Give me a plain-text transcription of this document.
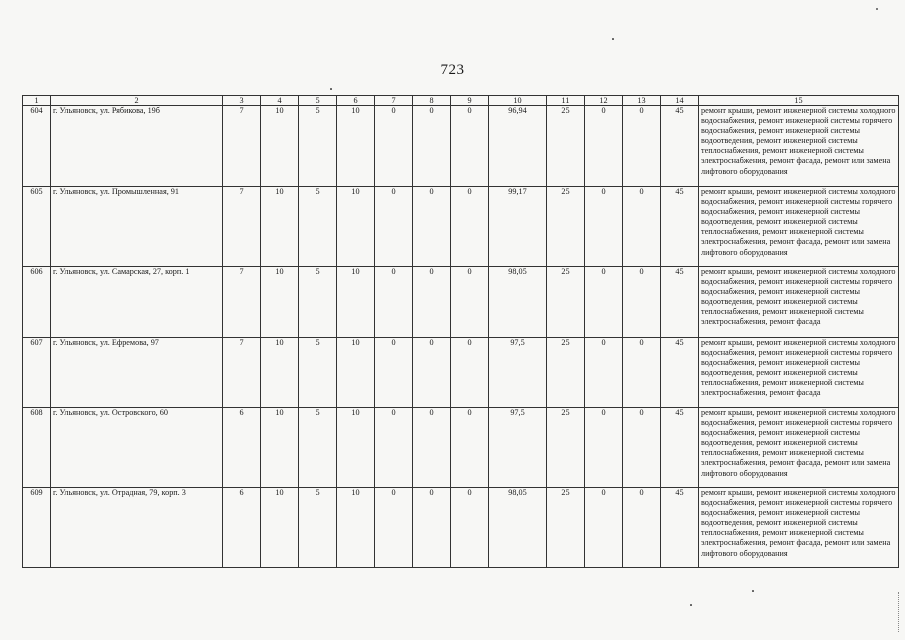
723
1	2	3	4	5	6	7	8	9	10	11	12	13	14	15
604	г. Ульяновск, ул. Рябикова, 19б	7	10	5	10	0	0	0	96,94	25	0	0	45	ремонт крыши, ремонт инженерной системы холодного водоснабжения, ремонт инженерной системы горячего водоснабжения, ремонт инженерной системы водоотведения, ремонт инженерной системы теплоснабжения, ремонт инженерной системы электроснабжения, ремонт фасада, ремонт или замена лифтового оборудования
605	г. Ульяновск, ул. Промышленная, 91	7	10	5	10	0	0	0	99,17	25	0	0	45	ремонт крыши, ремонт инженерной системы холодного водоснабжения, ремонт инженерной системы горячего водоснабжения, ремонт инженерной системы водоотведения, ремонт инженерной системы теплоснабжения, ремонт инженерной системы электроснабжения, ремонт фасада, ремонт или замена лифтового оборудования
606	г. Ульяновск, ул. Самарская, 27, корп. 1	7	10	5	10	0	0	0	98,05	25	0	0	45	ремонт крыши, ремонт инженерной системы холодного водоснабжения, ремонт инженерной системы горячего водоснабжения, ремонт инженерной системы водоотведения, ремонт инженерной системы теплоснабжения, ремонт инженерной системы электроснабжения, ремонт фасада
607	г. Ульяновск, ул. Ефремова, 97	7	10	5	10	0	0	0	97,5	25	0	0	45	ремонт крыши, ремонт инженерной системы холодного водоснабжения, ремонт инженерной системы горячего водоснабжения, ремонт инженерной системы водоотведения, ремонт инженерной системы теплоснабжения, ремонт инженерной системы электроснабжения, ремонт фасада
608	г. Ульяновск, ул. Островского, 60	6	10	5	10	0	0	0	97,5	25	0	0	45	ремонт крыши, ремонт инженерной системы холодного водоснабжения, ремонт инженерной системы горячего водоснабжения, ремонт инженерной системы водоотведения, ремонт инженерной системы теплоснабжения, ремонт инженерной системы электроснабжения, ремонт фасада, ремонт или замена лифтового оборудования
609	г. Ульяновск, ул. Отрадная, 79, корп. 3	6	10	5	10	0	0	0	98,05	25	0	0	45	ремонт крыши, ремонт инженерной системы холодного водоснабжения, ремонт инженерной системы горячего водоснабжения, ремонт инженерной системы водоотведения, ремонт инженерной системы теплоснабжения, ремонт инженерной системы электроснабжения, ремонт фасада, ремонт или замена лифтового оборудования
